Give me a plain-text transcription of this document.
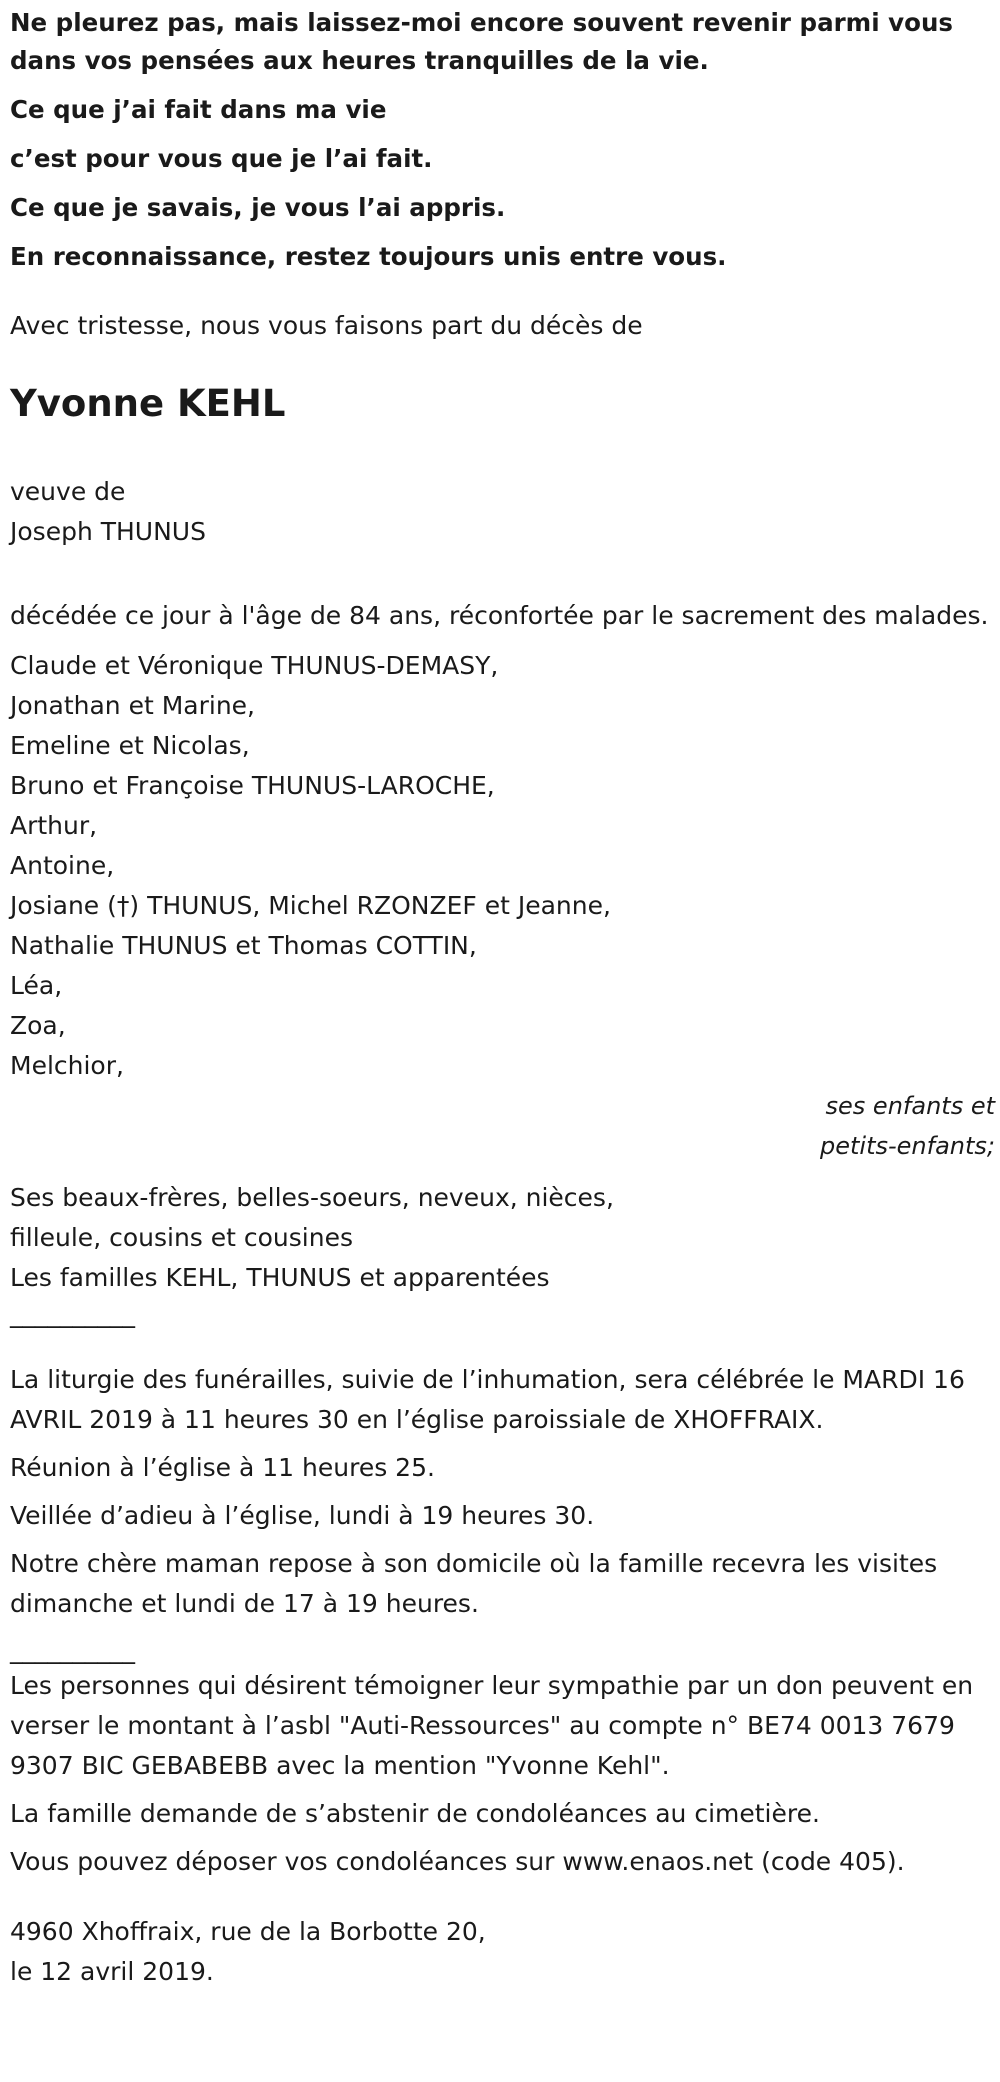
Ne pleurez pas, mais laissez-moi encore souvent revenir parmi vous dans vos pensées aux heures tranquilles de la vie.

Ce que j’ai fait dans ma vie

c’est pour vous que je l’ai fait.

Ce que je savais, je vous l’ai appris.

En reconnaissance, restez toujours unis entre vous.

Avec tristesse, nous vous faisons part du décès de

Yvonne KEHL

veuve de

Joseph THUNUS

décédée ce jour à l'âge de 84 ans, réconfortée par le sacrement des malades.

Claude et Véronique THUNUS-DEMASY,
Jonathan et Marine,
Emeline et Nicolas,
Bruno et Françoise THUNUS-LAROCHE,
Arthur,
Antoine,
Josiane (†) THUNUS, Michel RZONZEF et Jeanne,
Nathalie THUNUS et Thomas COTTIN,
Léa,
Zoa,
Melchior,
ses enfants et
petits-enfants;

Ses beaux-frères, belles-soeurs, neveux, nièces,

filleule, cousins et cousines

Les familles KEHL, THUNUS et apparentées

__________

La liturgie des funérailles, suivie de l’inhumation, sera célébrée le MARDI 16 AVRIL 2019 à 11 heures 30 en l’église paroissiale de XHOFFRAIX.

Réunion à l’église à 11 heures 25.

Veillée d’adieu à l’église, lundi à 19 heures 30.

Notre chère maman repose à son domicile où la famille recevra les visites dimanche et lundi de 17 à 19 heures.

__________

Les personnes qui désirent témoigner leur sympathie par un don peuvent en verser le montant à l’asbl "Auti-Ressources" au compte n° BE74 0013 7679 9307 BIC GEBABEBB avec la mention "Yvonne Kehl".

La famille demande de s’abstenir de condoléances au cimetière.

Vous pouvez déposer vos condoléances sur www.enaos.net (code 405).

4960 Xhoffraix, rue de la Borbotte 20,

le 12 avril 2019.
